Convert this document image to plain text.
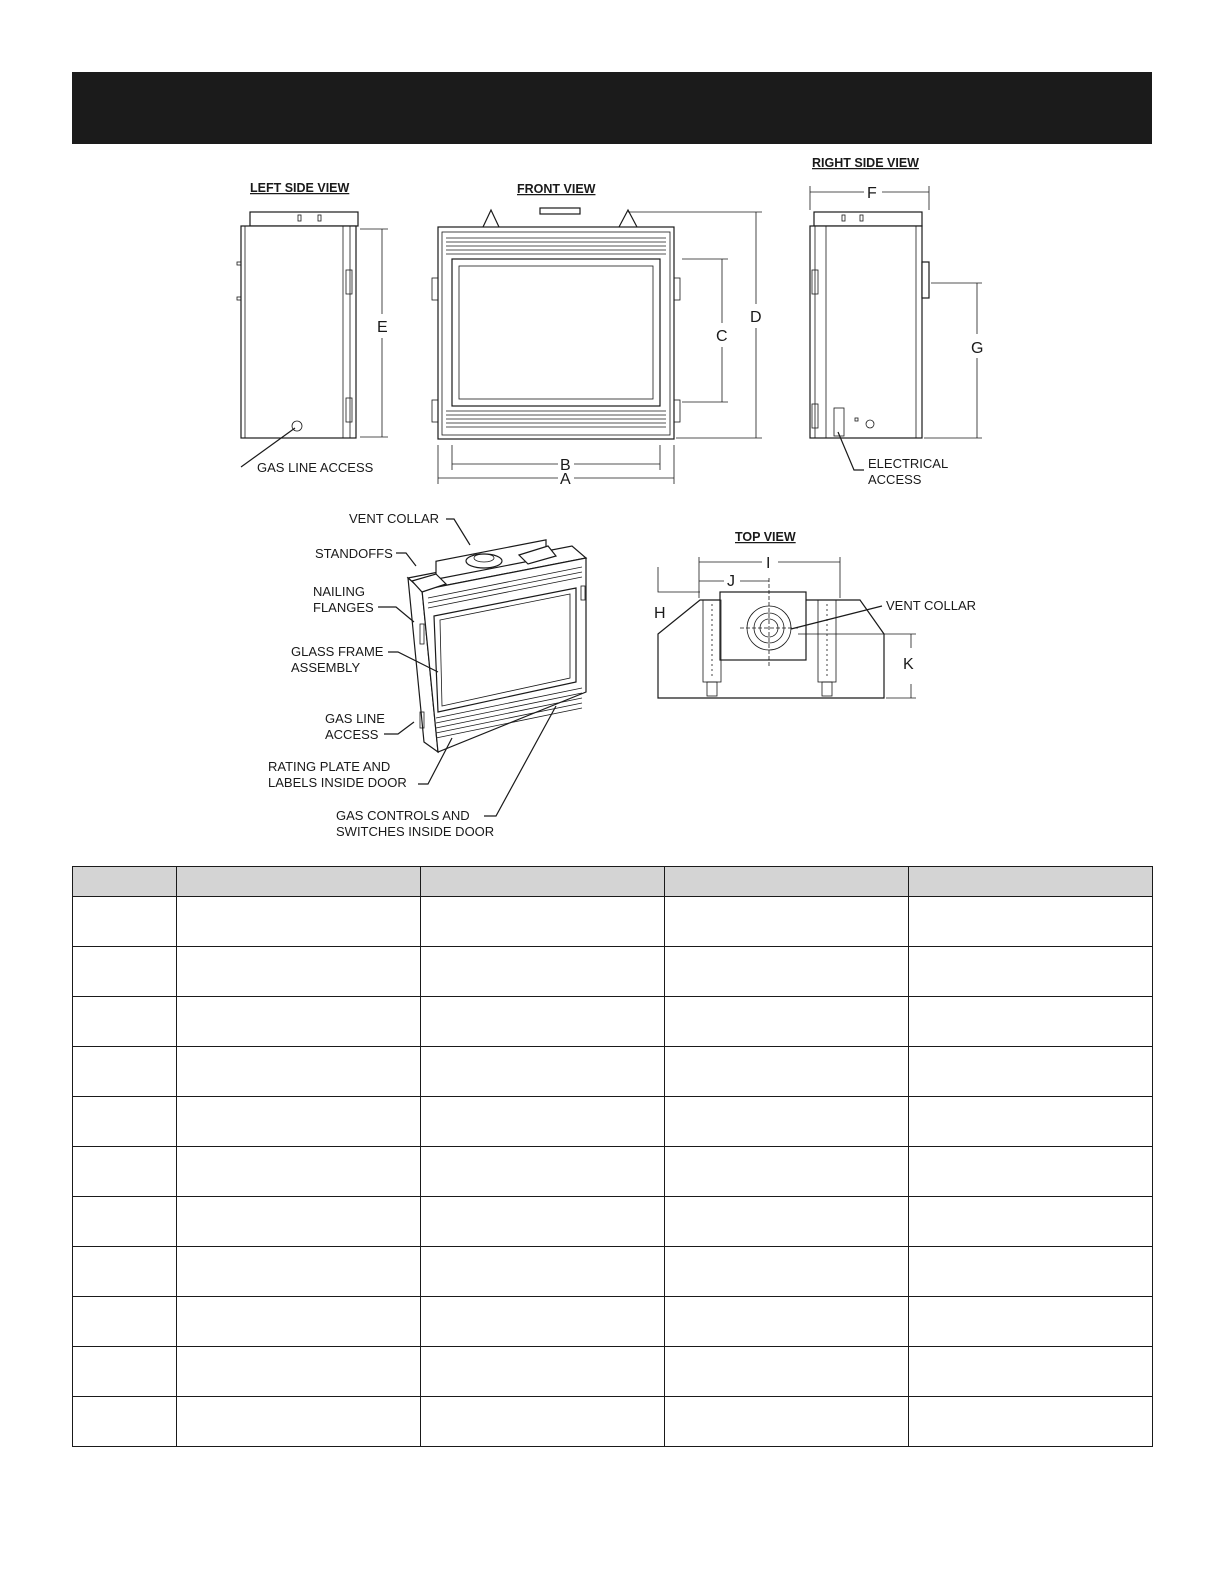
LEFT SIDE VIEW
E
GAS LINE ACCESS
FRONT VIEW
C
D
B
A
RIGHT SIDE VIEW
F
G
ELECTRICAL
ACCESS
VENT COLLAR
STANDOFFS
NAILING
FLANGES
GLASS FRAME
ASSEMBLY
GAS LINE
ACCESS
RATING PLATE AND
LABELS INSIDE DOOR
GAS CONTROLS AND
SWITCHES INSIDE DOOR
TOP VIEW
I
J
H
K
VENT COLLAR
